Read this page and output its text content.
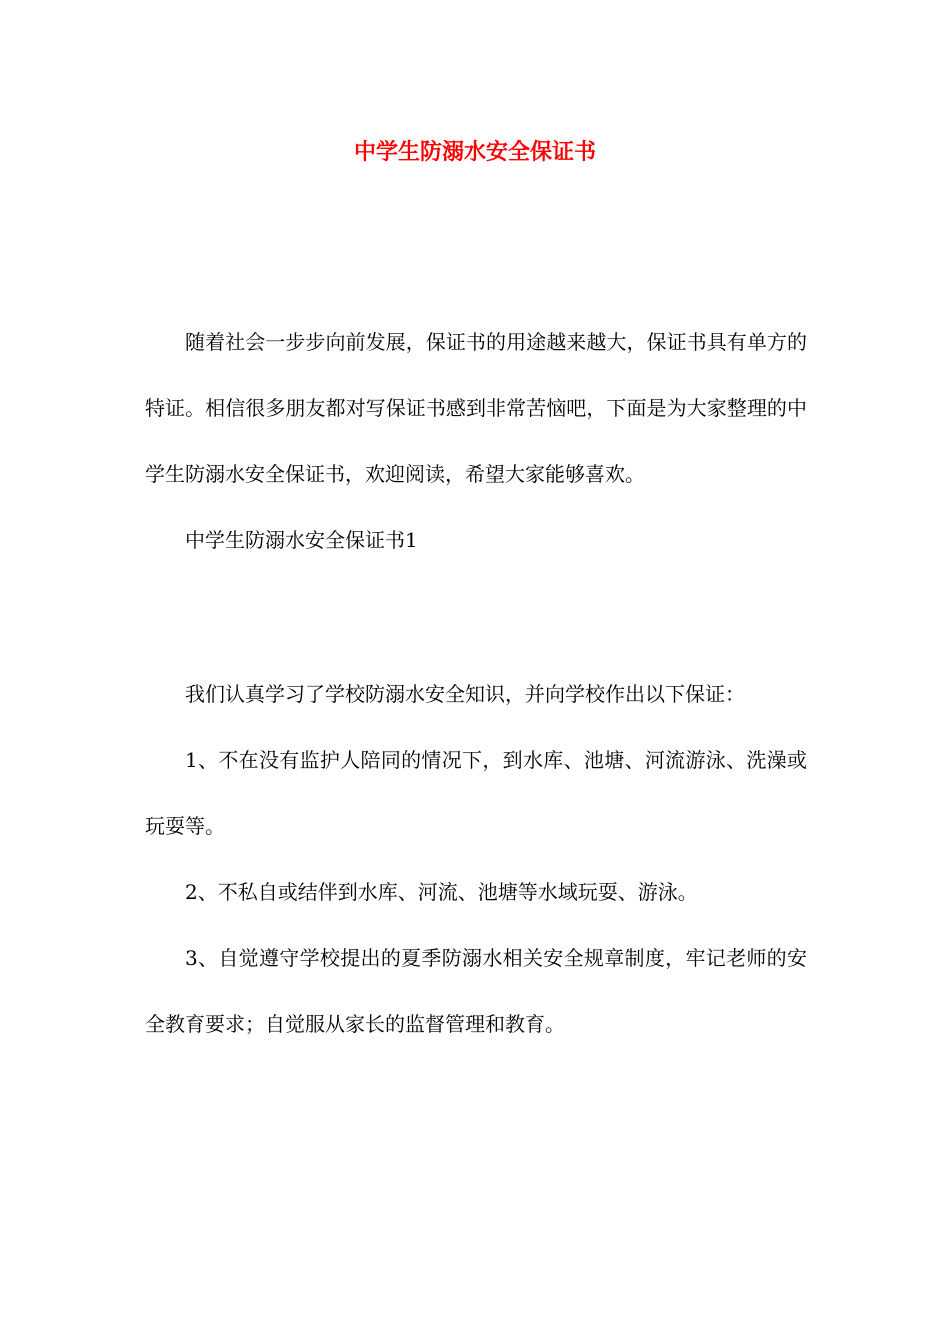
中学生防溺水安全保证书

随着社会一步步向前发展，保证书的用途越来越大，保证书具有单方的特证。相信很多朋友都对写保证书感到非常苦恼吧，下面是为大家整理的中学生防溺水安全保证书，欢迎阅读，希望大家能够喜欢。

中学生防溺水安全保证书1

我们认真学习了学校防溺水安全知识，并向学校作出以下保证：

1、不在没有监护人陪同的情况下，到水库、池塘、河流游泳、洗澡或玩耍等。

2、不私自或结伴到水库、河流、池塘等水域玩耍、游泳。

3、自觉遵守学校提出的夏季防溺水相关安全规章制度，牢记老师的安全教育要求；自觉服从家长的监督管理和教育。
